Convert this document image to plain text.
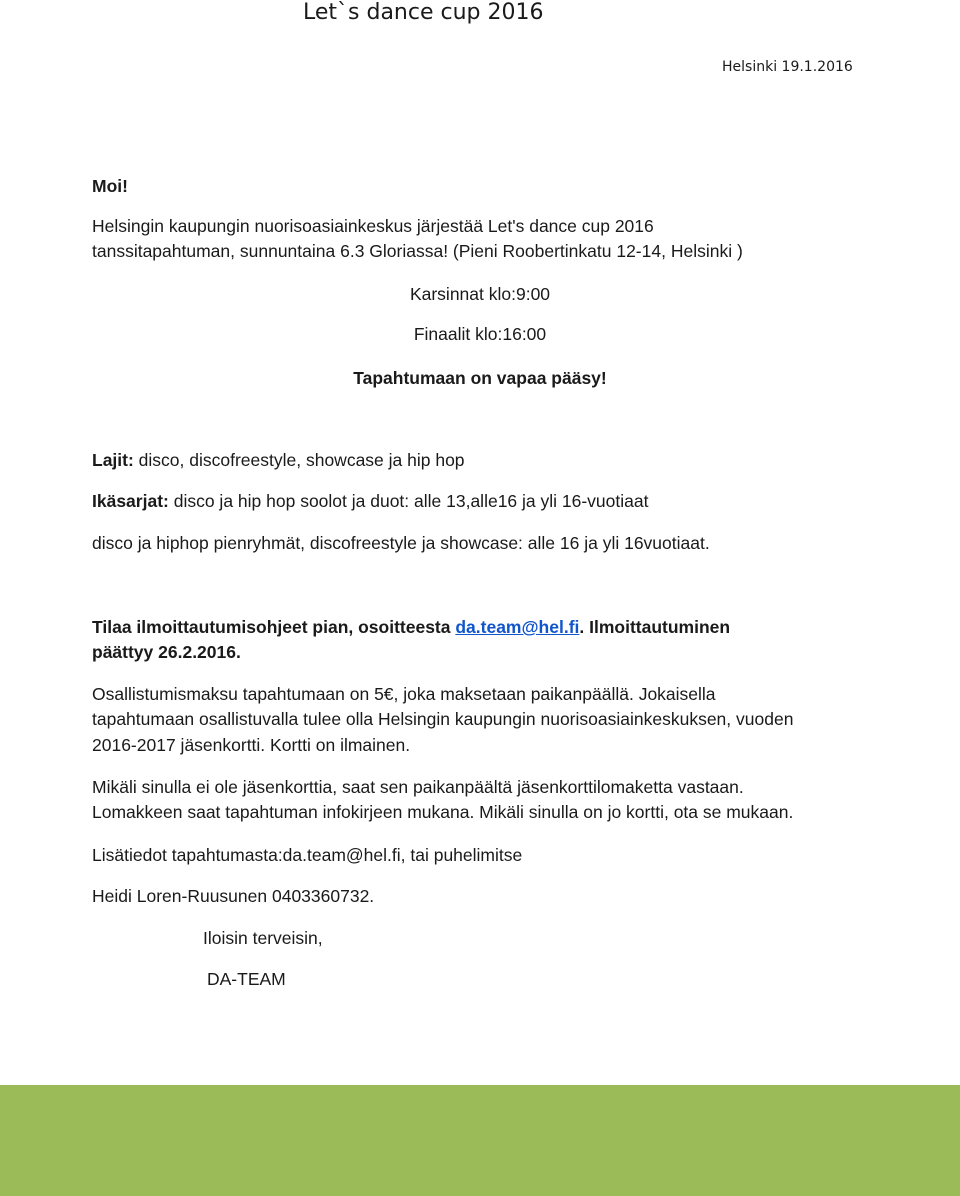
Let`s dance cup 2016
Helsinki 19.1.2016
Moi!
Helsingin kaupungin nuorisoasiainkeskus järjestää Let's dance cup 2016
tanssitapahtuman, sunnuntaina 6.3 Gloriassa! (Pieni Roobertinkatu 12-14, Helsinki )
Karsinnat klo:9:00
Finaalit klo:16:00
Tapahtumaan on vapaa pääsy!
Lajit: disco, discofreestyle, showcase ja hip hop
Ikäsarjat: disco ja hip hop soolot ja duot: alle 13,alle16 ja yli 16-vuotiaat
disco ja hiphop pienryhmät, discofreestyle ja showcase: alle 16 ja yli 16vuotiaat.
Tilaa ilmoittautumisohjeet pian, osoitteesta da.team@hel.fi. Ilmoittautuminen
päättyy 26.2.2016.
Osallistumismaksu tapahtumaan on 5€, joka maksetaan paikanpäällä. Jokaisella
tapahtumaan osallistuvalla tulee olla Helsingin kaupungin nuorisoasiainkeskuksen, vuoden
2016-2017 jäsenkortti. Kortti on ilmainen.
Mikäli sinulla ei ole jäsenkorttia, saat sen paikanpäältä jäsenkorttilomaketta vastaan.
Lomakkeen saat tapahtuman infokirjeen mukana. Mikäli sinulla on jo kortti, ota se mukaan.
Lisätiedot tapahtumasta:da.team@hel.fi, tai puhelimitse
Heidi Loren-Ruusunen 0403360732.
Iloisin terveisin,
DA-TEAM
